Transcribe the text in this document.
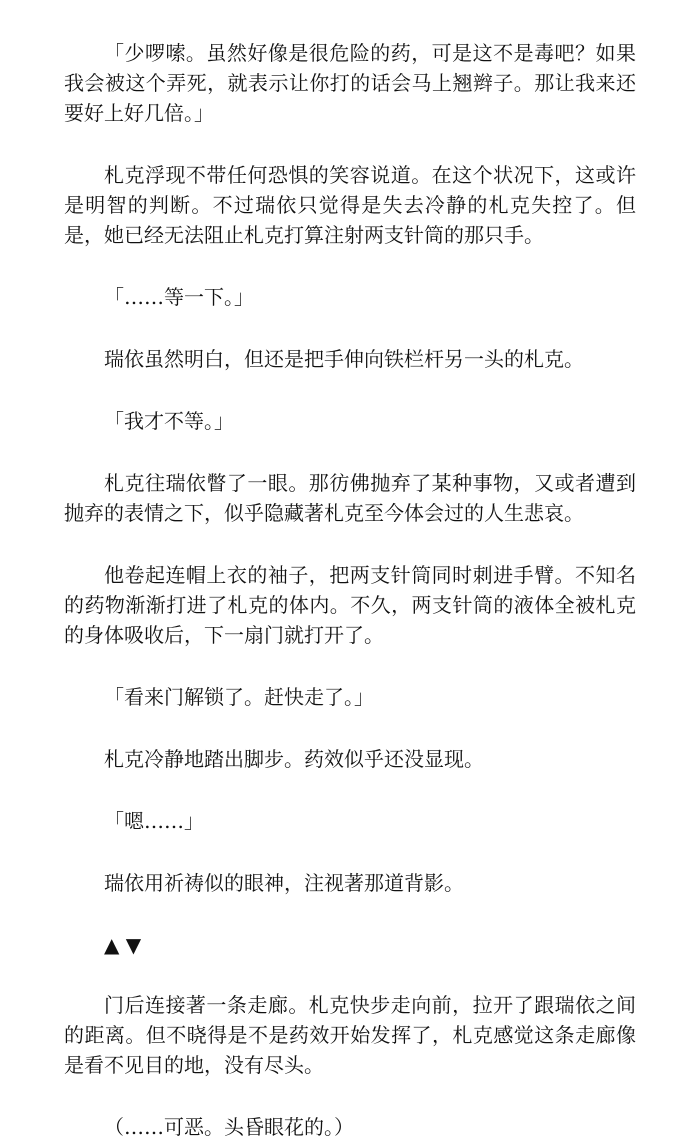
「少啰嗦。虽然好像是很危险的药，可是这不是毒吧？如果我会被这个弄死，就表示让你打的话会马上翘辫子。那让我来还要好上好几倍。」

札克浮现不带任何恐惧的笑容说道。在这个状况下，这或许是明智的判断。不过瑞依只觉得是失去冷静的札克失控了。但是，她已经无法阻止札克打算注射两支针筒的那只手。

「……等一下。」

瑞依虽然明白，但还是把手伸向铁栏杆另一头的札克。

「我才不等。」

札克往瑞依瞥了一眼。那彷佛抛弃了某种事物，又或者遭到抛弃的表情之下，似乎隐藏著札克至今体会过的人生悲哀。

他卷起连帽上衣的袖子，把两支针筒同时刺进手臂。不知名的药物渐渐打进了札克的体内。不久，两支针筒的液体全被札克的身体吸收后，下一扇门就打开了。

「看来门解锁了。赶快走了。」

札克冷静地踏出脚步。药效似乎还没显现。

「嗯……」

瑞依用祈祷似的眼神，注视著那道背影。

▲ ▼

门后连接著一条走廊。札克快步走向前，拉开了跟瑞依之间的距离。但不晓得是不是药效开始发挥了，札克感觉这条走廊像是看不见目的地，没有尽头。

（……可恶。头昏眼花的。）
